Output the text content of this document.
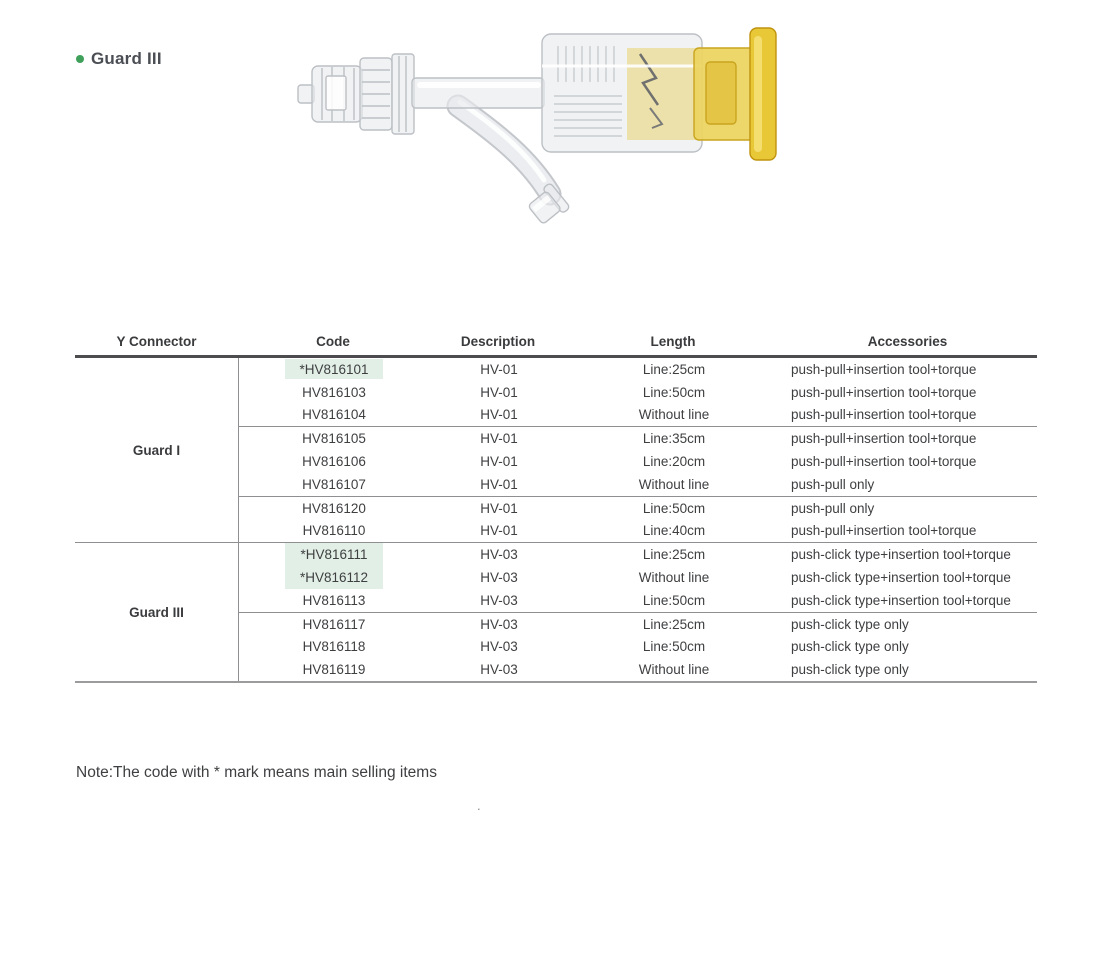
Guard III
Y Connector	Code	Description	Length	Accessories
Guard I
*HV816101	HV-01	Line:25cm	push-pull+insertion tool+torque
HV816103	HV-01	Line:50cm	push-pull+insertion tool+torque
HV816104	HV-01	Without line	push-pull+insertion tool+torque
HV816105	HV-01	Line:35cm	push-pull+insertion tool+torque
HV816106	HV-01	Line:20cm	push-pull+insertion tool+torque
HV816107	HV-01	Without line	push-pull only
HV816120	HV-01	Line:50cm	push-pull only
HV816110	HV-01	Line:40cm	push-pull+insertion tool+torque
Guard III
*HV816111	HV-03	Line:25cm	push-click type+insertion tool+torque
*HV816112	HV-03	Without line	push-click type+insertion tool+torque
HV816113	HV-03	Line:50cm	push-click type+insertion tool+torque
HV816117	HV-03	Line:25cm	push-click type only
HV816118	HV-03	Line:50cm	push-click type only
HV816119	HV-03	Without line	push-click type only
Note:The code with * mark means main selling items
.
